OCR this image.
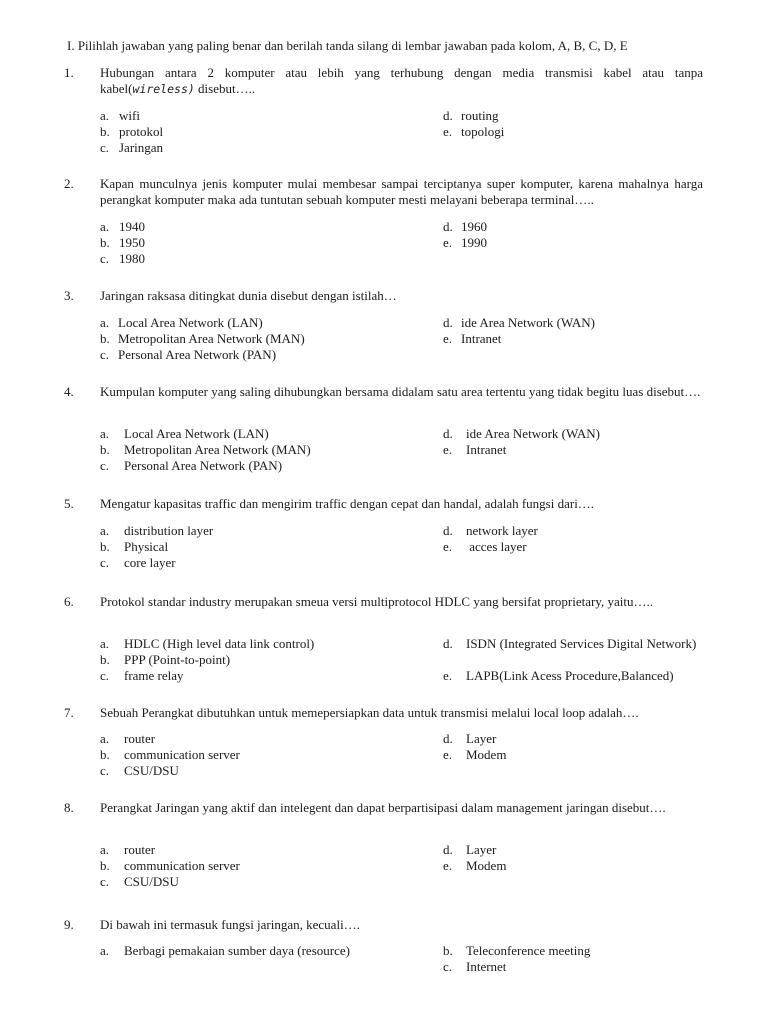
I. Pilihlah jawaban yang paling benar dan berilah tanda silang di lembar jawaban pada kolom, A, B, C, D, E
1. Hubungan antara 2 komputer atau lebih yang terhubung dengan media transmisi kabel atau tanpa kabel(wireless) disebut…..
a. wifi
b. protokol
c. Jaringan
d. routing
e. topologi
2. Kapan munculnya jenis komputer mulai membesar sampai terciptanya super komputer, karena mahalnya harga perangkat komputer maka ada tuntutan sebuah komputer mesti melayani beberapa terminal…..
a. 1940
b. 1950
c. 1980
d. 1960
e. 1990
3. Jaringan raksasa ditingkat dunia disebut dengan istilah…
a. Local Area Network (LAN)
b. Metropolitan Area Network (MAN)
c. Personal Area Network (PAN)
d. ide Area Network (WAN)
e. Intranet
4. Kumpulan komputer yang saling dihubungkan bersama didalam satu area tertentu yang tidak begitu luas disebut….
a. Local Area Network (LAN)
b. Metropolitan Area Network (MAN)
c. Personal Area Network (PAN)
d. ide Area Network (WAN)
e. Intranet
5. Mengatur kapasitas traffic dan mengirim traffic dengan cepat dan handal, adalah fungsi dari….
a. distribution layer
b. Physical
c. core layer
d. network layer
e. acces layer
6. Protokol standar industry merupakan smeua versi multiprotocol HDLC yang bersifat proprietary, yaitu…..
a. HDLC (High level data link control)
b. PPP (Point-to-point)
c. frame relay
d. ISDN (Integrated Services Digital Network)
e. LAPB(Link Acess Procedure,Balanced)
7. Sebuah Perangkat dibutuhkan untuk memepersiapkan data untuk transmisi melalui local loop adalah….
a. router
b. communication server
c. CSU/DSU
d. Layer
e. Modem
8. Perangkat Jaringan yang aktif dan intelegent dan dapat berpartisipasi dalam management jaringan disebut….
a. router
b. communication server
c. CSU/DSU
d. Layer
e. Modem
9. Di bawah ini termasuk fungsi jaringan, kecuali….
a. Berbagi pemakaian sumber daya (resource)	b. Teleconference meeting
c. Internet
